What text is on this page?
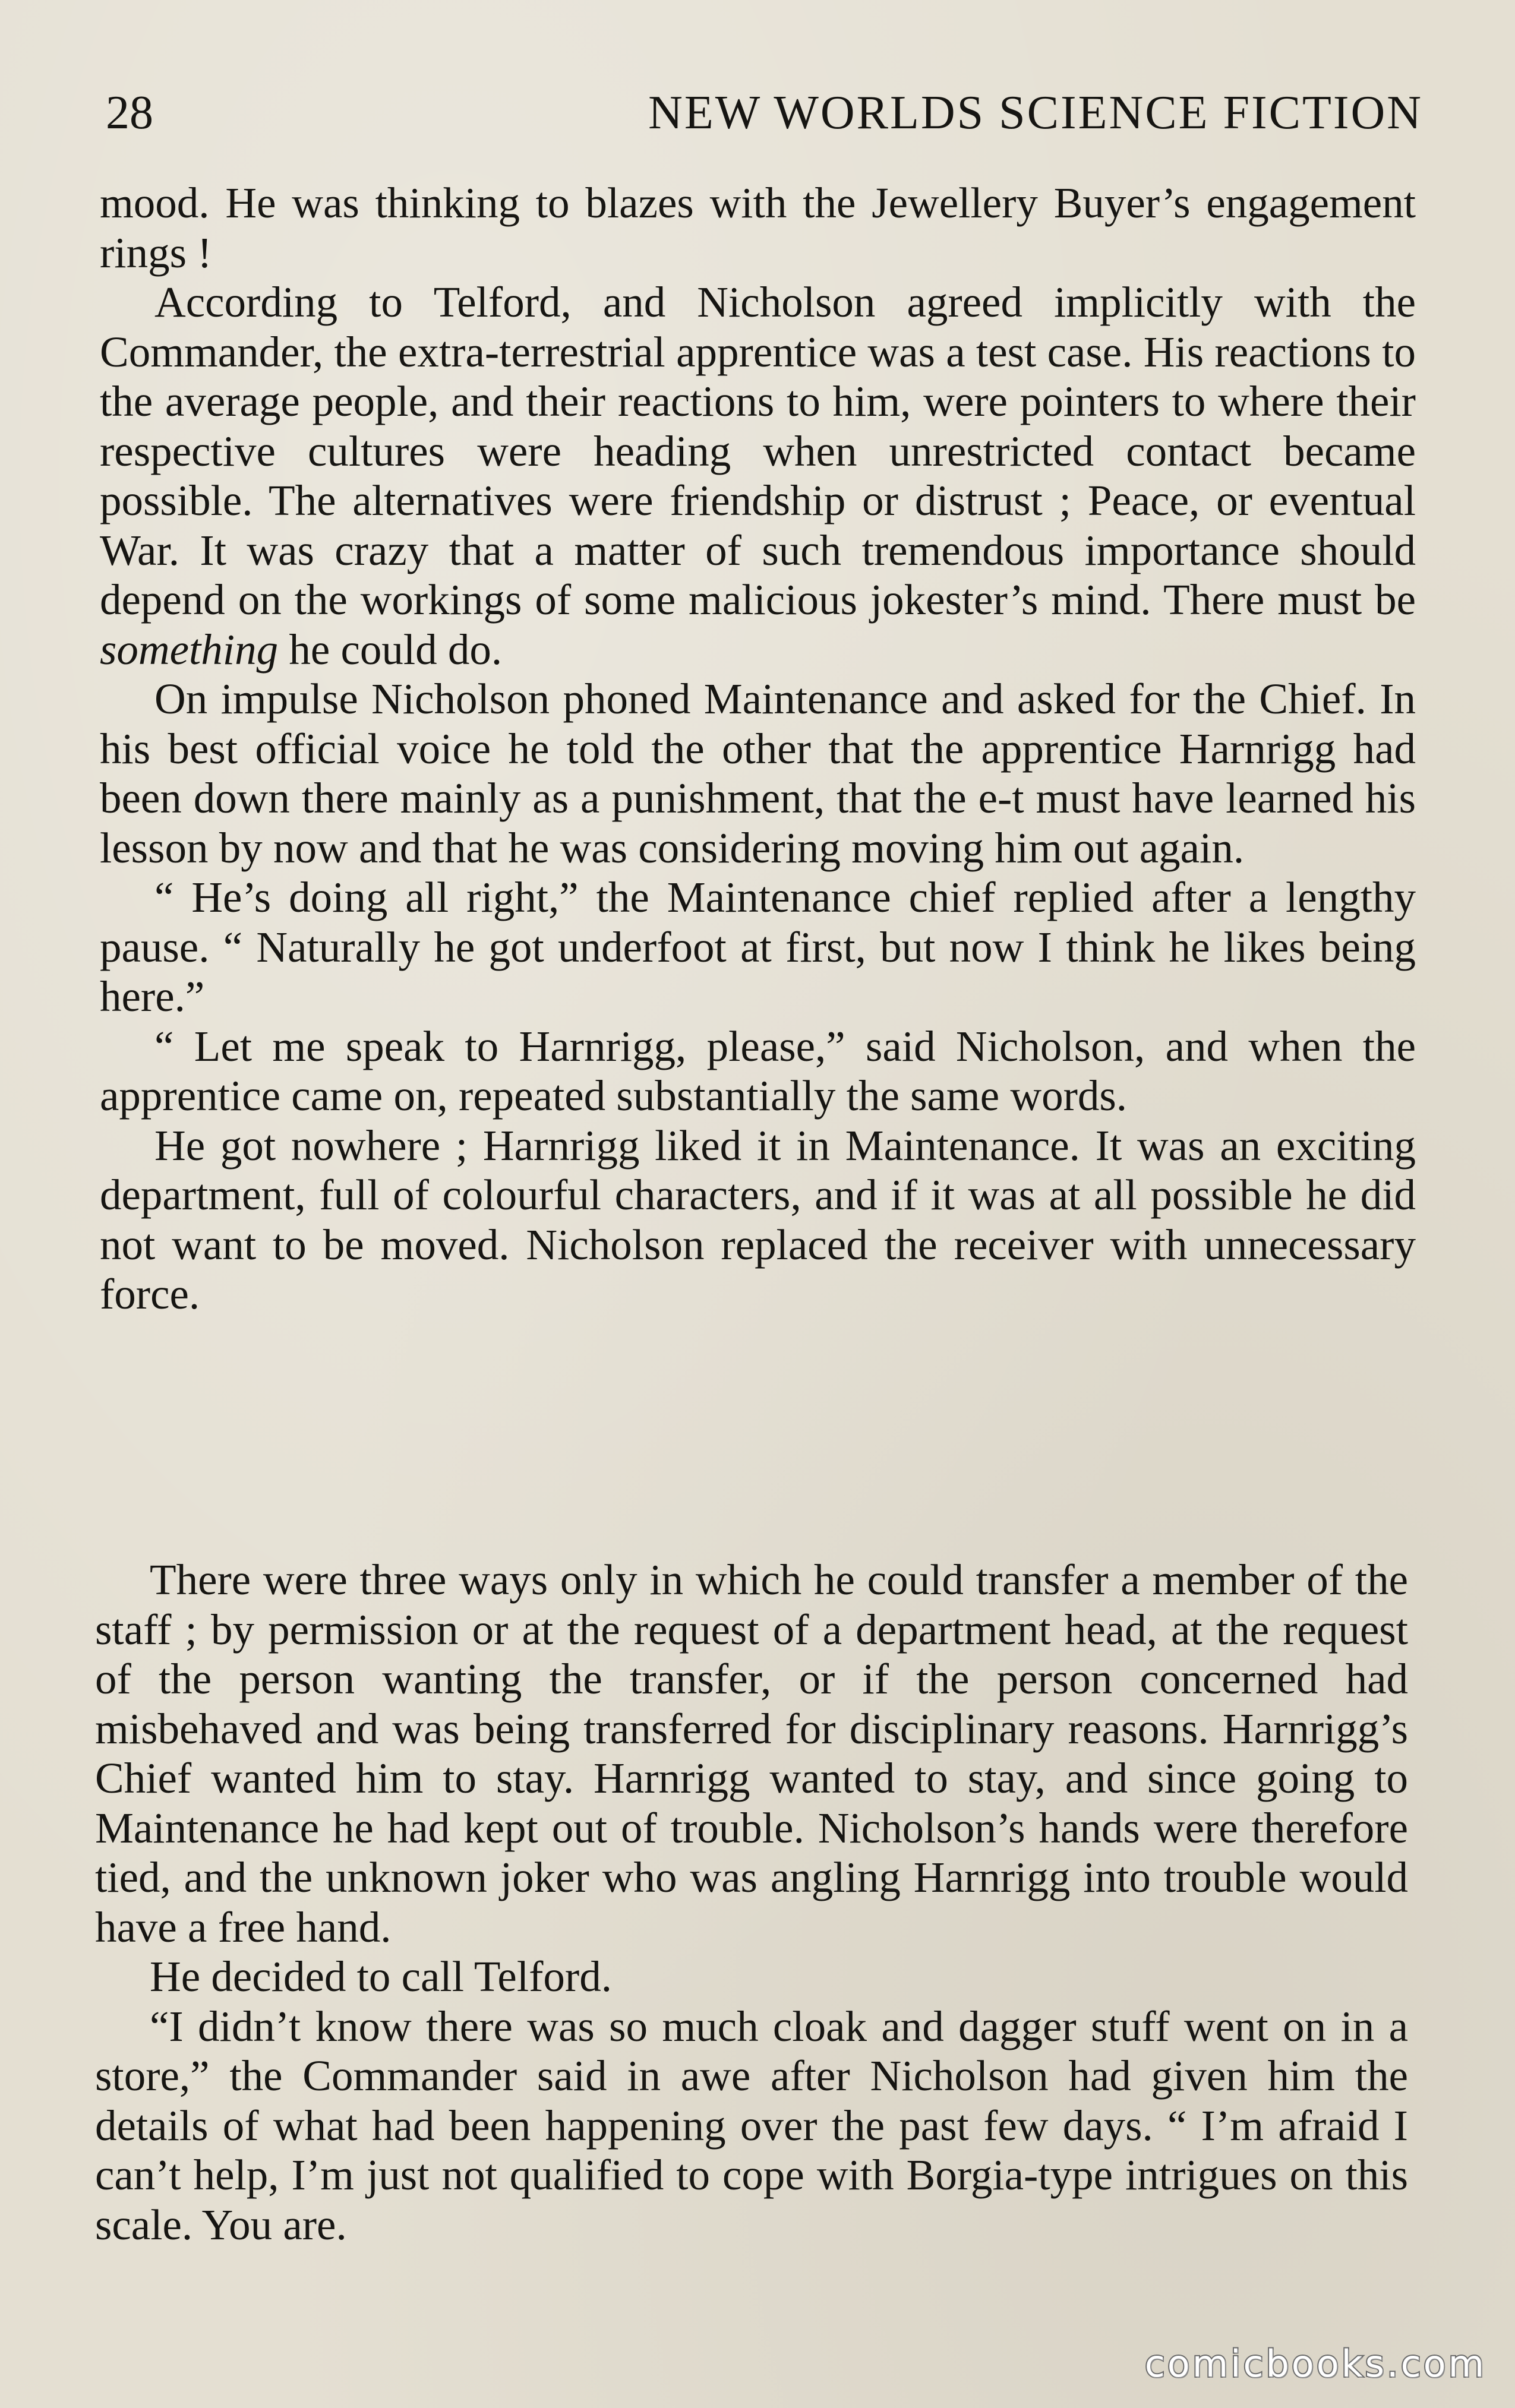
28	NEW WORLDS SCIENCE FICTION

mood. He was thinking to blazes with the Jewellery Buyer’s engagement rings !

According to Telford, and Nicholson agreed implicitly with the Commander, the extra-terrestrial apprentice was a test case. His reactions to the average people, and their reactions to him, were pointers to where their respective cultures were heading when unrestricted contact became possible. The alternatives were friendship or distrust ; Peace, or eventual War. It was crazy that a matter of such tremendous importance should depend on the workings of some malicious jokester’s mind. There must be something he could do.

On impulse Nicholson phoned Maintenance and asked for the Chief. In his best official voice he told the other that the apprentice Harnrigg had been down there mainly as a punishment, that the e-t must have learned his lesson by now and that he was considering moving him out again.

“ He’s doing all right,” the Maintenance chief replied after a lengthy pause. “ Naturally he got underfoot at first, but now I think he likes being here.”

“ Let me speak to Harnrigg, please,” said Nicholson, and when the apprentice came on, repeated substantially the same words.

He got nowhere ; Harnrigg liked it in Maintenance. It was an exciting department, full of colourful characters, and if it was at all possible he did not want to be moved. Nicholson replaced the receiver with unnecessary force.

There were three ways only in which he could transfer a member of the staff ; by permission or at the request of a department head, at the request of the person wanting the transfer, or if the person concerned had misbehaved and was being transferred for disciplinary reasons. Harnrigg’s Chief wanted him to stay. Harnrigg wanted to stay, and since going to Maintenance he had kept out of trouble. Nicholson’s hands were therefore tied, and the unknown joker who was angling Harnrigg into trouble would have a free hand.

He decided to call Telford.

“I didn’t know there was so much cloak and dagger stuff went on in a store,” the Commander said in awe after Nicholson had given him the details of what had been happening over the past few days. “ I’m afraid I can’t help, I’m just not qualified to cope with Borgia-type intrigues on this scale. You are.

comicbooks.com
